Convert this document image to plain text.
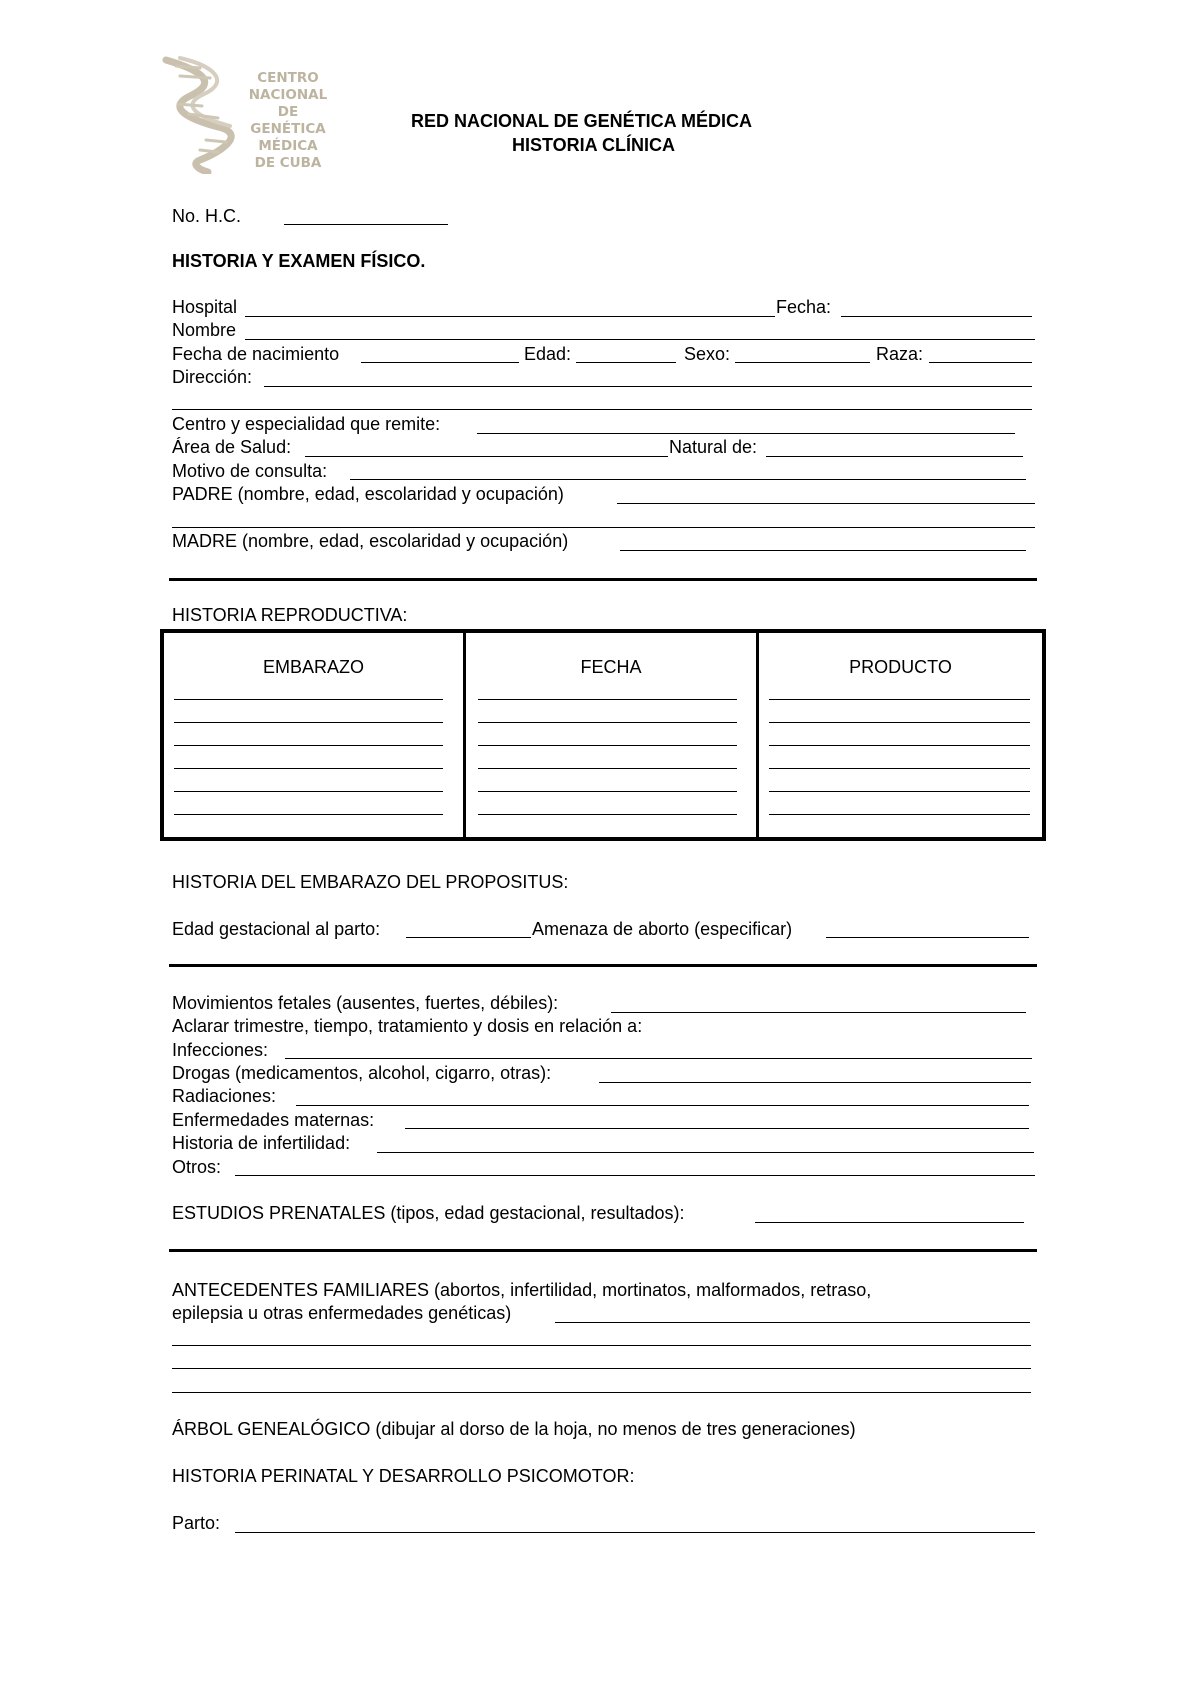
CENTRO
NACIONAL
DE GENÉTICA
MÉDICA
DE CUBA
RED NACIONAL DE GENÉTICA MÉDICA
HISTORIA CLÍNICA
No. H.C.
HISTORIA Y EXAMEN FÍSICO.
Hospital	Fecha:
Nombre
Fecha de nacimiento	Edad:	Sexo:	Raza:
Dirección:
Centro y especialidad que remite:
Área de Salud:	Natural de:
Motivo de consulta:
PADRE (nombre, edad, escolaridad y ocupación)
MADRE (nombre, edad, escolaridad y ocupación)
HISTORIA REPRODUCTIVA:
EMBARAZO	FECHA	PRODUCTO
HISTORIA DEL EMBARAZO DEL PROPOSITUS:
Edad gestacional al parto:	Amenaza de aborto (especificar)
Movimientos fetales (ausentes, fuertes, débiles):
Aclarar trimestre, tiempo, tratamiento y dosis en relación a:
Infecciones:
Drogas (medicamentos, alcohol, cigarro, otras):
Radiaciones:
Enfermedades maternas:
Historia de infertilidad:
Otros:
ESTUDIOS PRENATALES (tipos, edad gestacional, resultados):
ANTECEDENTES FAMILIARES (abortos, infertilidad, mortinatos, malformados, retraso,
epilepsia u otras enfermedades genéticas)
ÁRBOL GENEALÓGICO (dibujar al dorso de la hoja, no menos de tres generaciones)
HISTORIA PERINATAL Y DESARROLLO PSICOMOTOR:
Parto:
